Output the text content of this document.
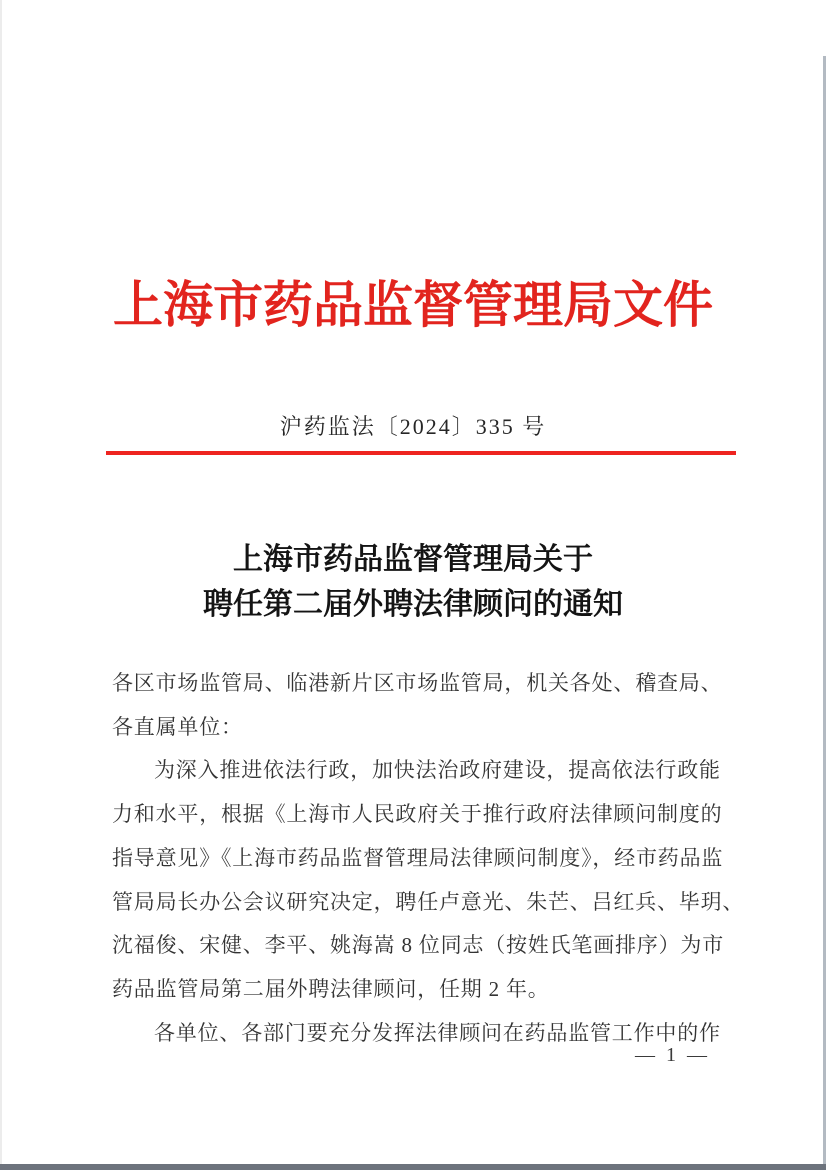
上海市药品监督管理局文件
沪药监法〔2024〕335 号
上海市药品监督管理局关于
聘任第二届外聘法律顾问的通知
各区市场监管局、临港新片区市场监管局，机关各处、稽查局、
各直属单位：
为深入推进依法行政，加快法治政府建设，提高依法行政能
力和水平，根据《上海市人民政府关于推行政府法律顾问制度的
指导意见》《上海市药品监督管理局法律顾问制度》，经市药品监
管局局长办公会议研究决定，聘任卢意光、朱芒、吕红兵、毕玥、
沈福俊、宋健、李平、姚海嵩 8 位同志（按姓氏笔画排序）为市
药品监管局第二届外聘法律顾问，任期 2 年。
各单位、各部门要充分发挥法律顾问在药品监管工作中的作
— 1 —
